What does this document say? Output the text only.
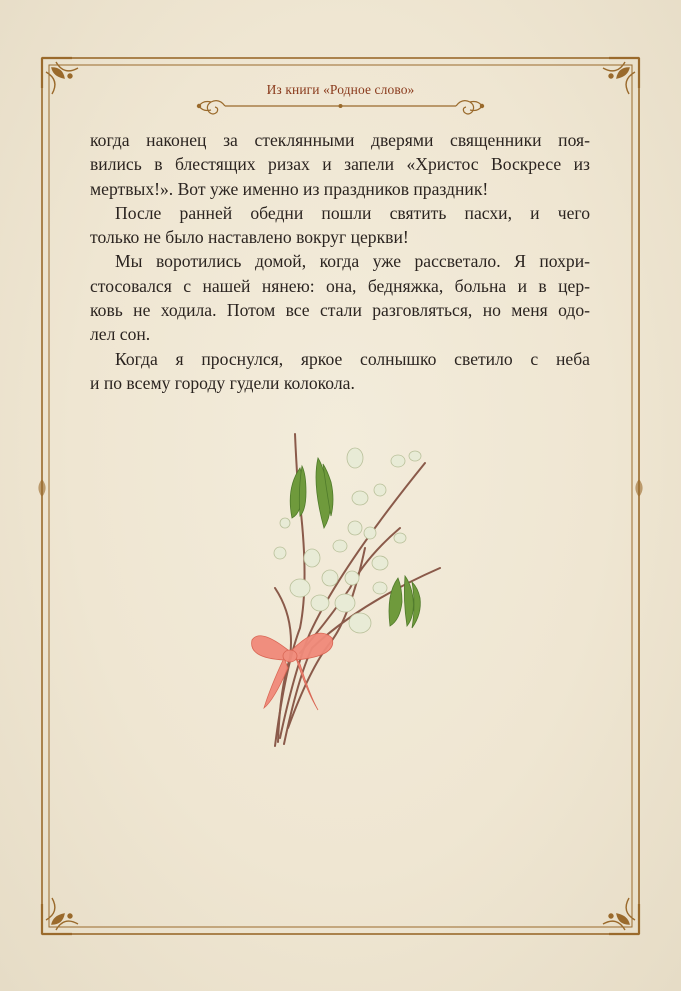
Из книги «Родное слово»
когда наконец за стеклянными дверями священники поя-
вились в блестящих ризах и запели «Христос Воскресе из
мертвых!». Вот уже именно из праздников праздник!
После ранней обедни пошли святить пасхи, и чего
только не было наставлено вокруг церкви!
Мы воротились домой, когда уже рассветало. Я похри-
стосовался с нашей нянею: она, бедняжка, больна и в цер-
ковь не ходила. Потом все стали разговляться, но меня одо-
лел сон.
Когда я проснулся, яркое солнышко светило с неба
и по всему городу гудели колокола.
